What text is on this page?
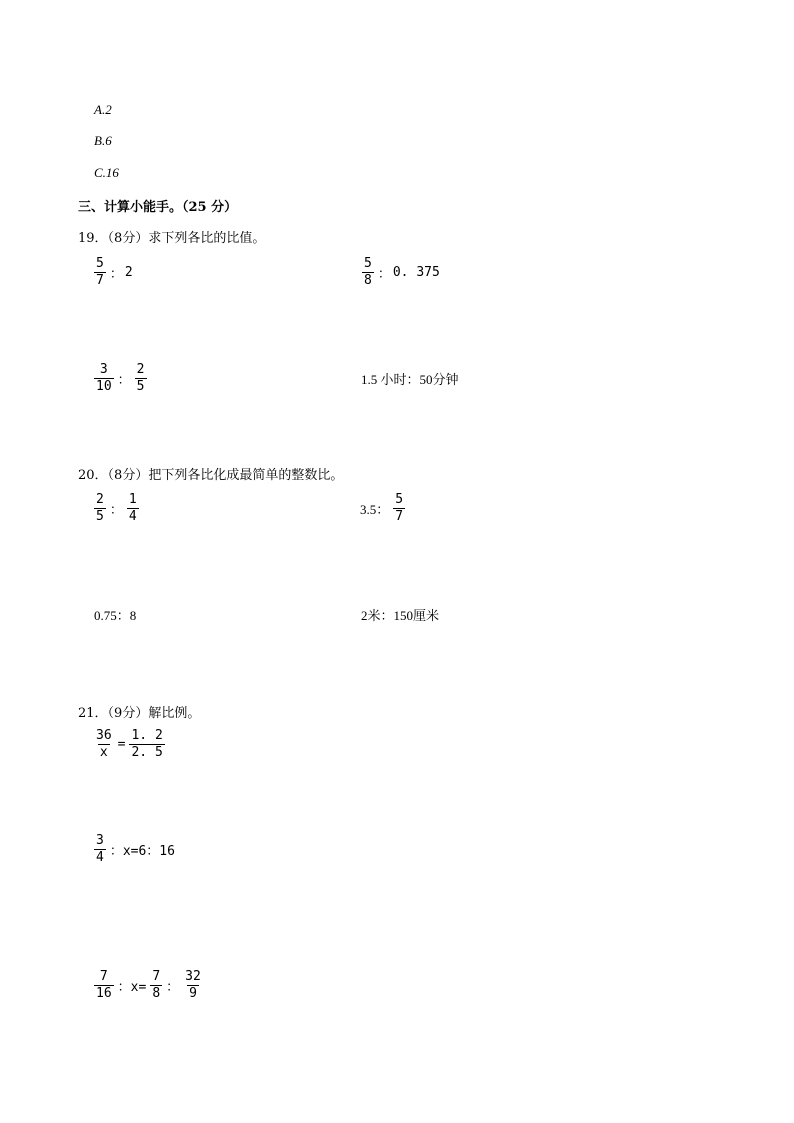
A.2
B.6
C.16
三、计算小能手。（25 分）
19．（8分）求下列各比的比值。
$\frac{5}{7}$ ： 2	$\frac{5}{8}$ ： 0. 375
$\frac{3}{10}$ ： $\frac{2}{5}$	1.5 小时：50分钟
20．（8分）把下列各比化成最简单的整数比。
$\frac{2}{5}$ ： $\frac{1}{4}$	3.5： $\frac{5}{7}$
0.75：8	2米：150厘米
21．（9分）解比例。
$\frac{36}{x} = \frac{1. 2}{2. 5}$
$\frac{3}{4}$ ：x=6：16
$\frac{7}{16}$ ：$x= \frac{7}{8}$ ： $\frac{32}{9}$
